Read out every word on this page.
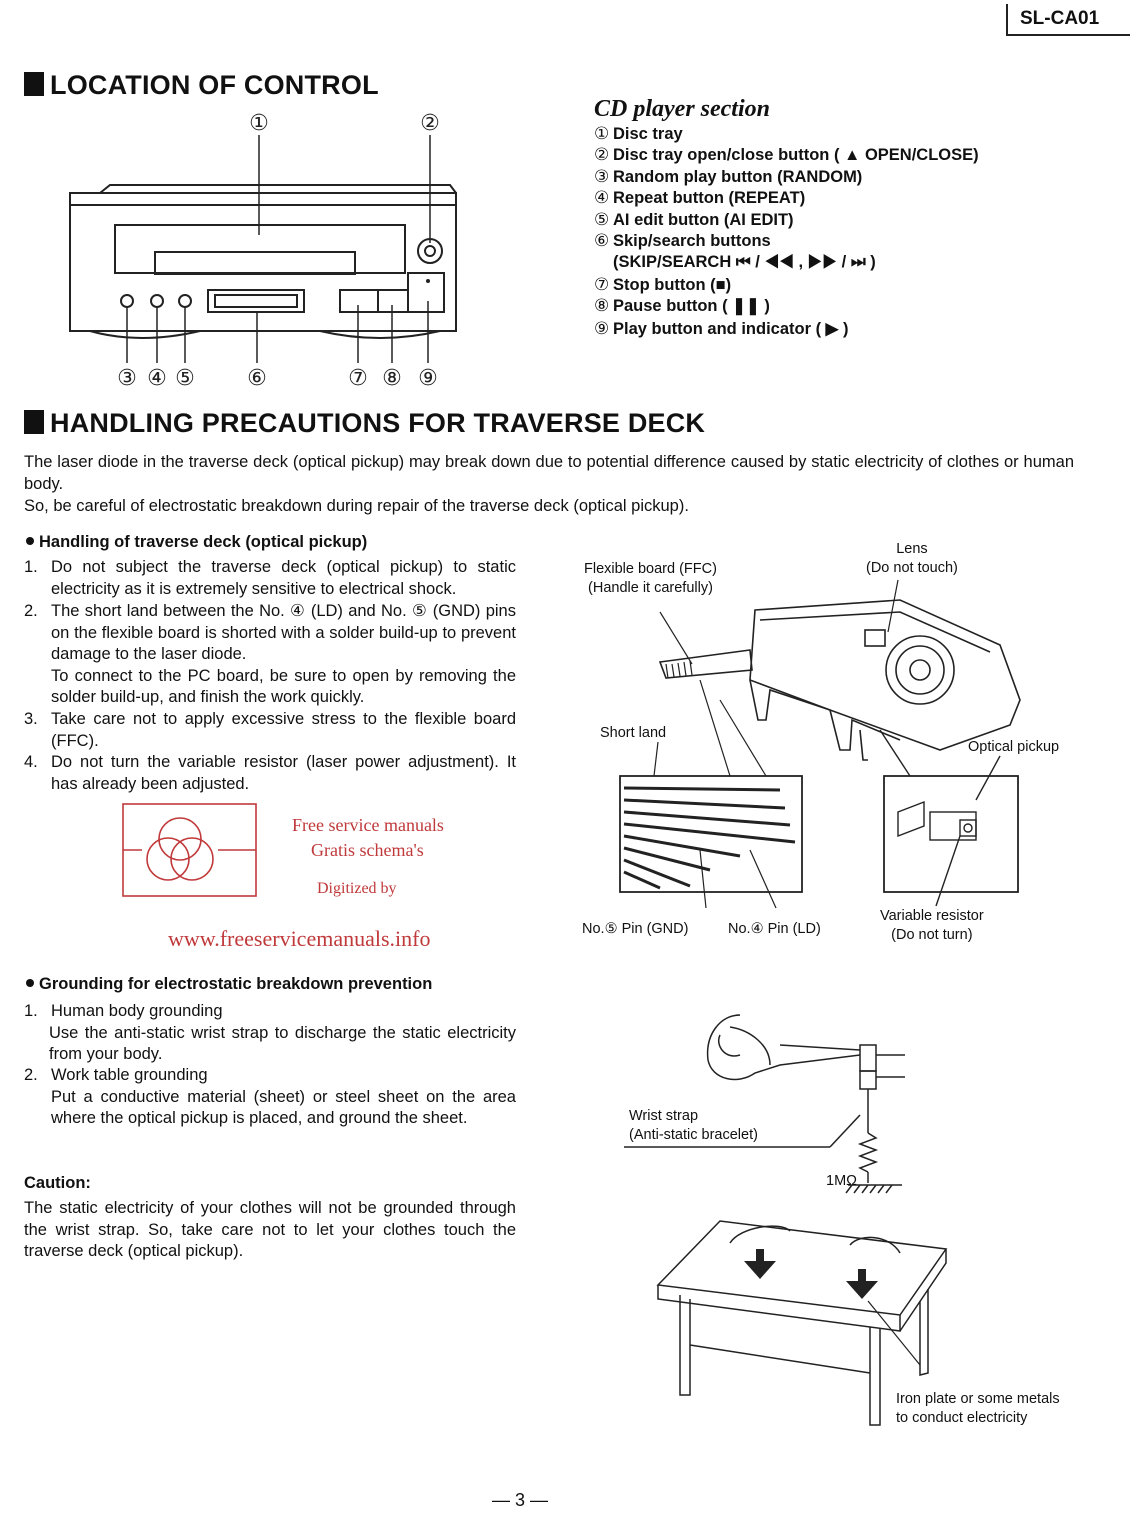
SL-CA01
LOCATION OF CONTROL
①	②
③ ④ ⑤ ⑥	⑦ ⑧ ⑨
CD player section
① Disc tray
② Disc tray open/close button ( ▲ OPEN/CLOSE)
③ Random play button (RANDOM)
④ Repeat button (REPEAT)
⑤ AI edit button (AI EDIT)
⑥ Skip/search buttons
(SKIP/SEARCH ⏮ / ◀◀ , ▶▶ / ⏭ )
⑦ Stop button (■)
⑧ Pause button ( ❚❚ )
⑨ Play button and indicator ( ▶ )
HANDLING PRECAUTIONS FOR TRAVERSE DECK
The laser diode in the traverse deck (optical pickup) may break down due to potential difference caused by static electricity of clothes or human body.
So, be careful of electrostatic breakdown during repair of the traverse deck (optical pickup).
Handling of traverse deck (optical pickup)
1. Do not subject the traverse deck (optical pickup) to static electricity as it is extremely sensitive to electrical shock.
2. The short land between the No. ④ (LD) and No. ⑤ (GND) pins on the flexible board is shorted with a solder build-up to prevent damage to the laser diode.

To connect to the PC board, be sure to open by removing the solder build-up, and finish the work quickly.

3. Take care not to apply excessive stress to the flexible board (FFC).
4. Do not turn the variable resistor (laser power adjustment). It has already been adjusted.
Free service manuals
Gratis schema's
Digitized by
www.freeservicemanuals.info
Flexible board (FFC)
(Handle it carefully)
Lens
(Do not touch)
Short land
Optical pickup
No.⑤ Pin (GND)	No.④ Pin (LD)
Variable resistor
(Do not turn)
Grounding for electrostatic breakdown prevention
1. Human body grounding

Use the anti-static wrist strap to discharge the static electricity from your body.

2. Work table grounding

Put a conductive material (sheet) or steel sheet on the area where the optical pickup is placed, and ground the sheet.

Caution:
The static electricity of your clothes will not be grounded through the wrist strap. So, take care not to let your clothes touch the traverse deck (optical pickup).
Wrist strap
(Anti-static bracelet)
1MΩ
Iron plate or some metals
to conduct electricity
— 3 —
